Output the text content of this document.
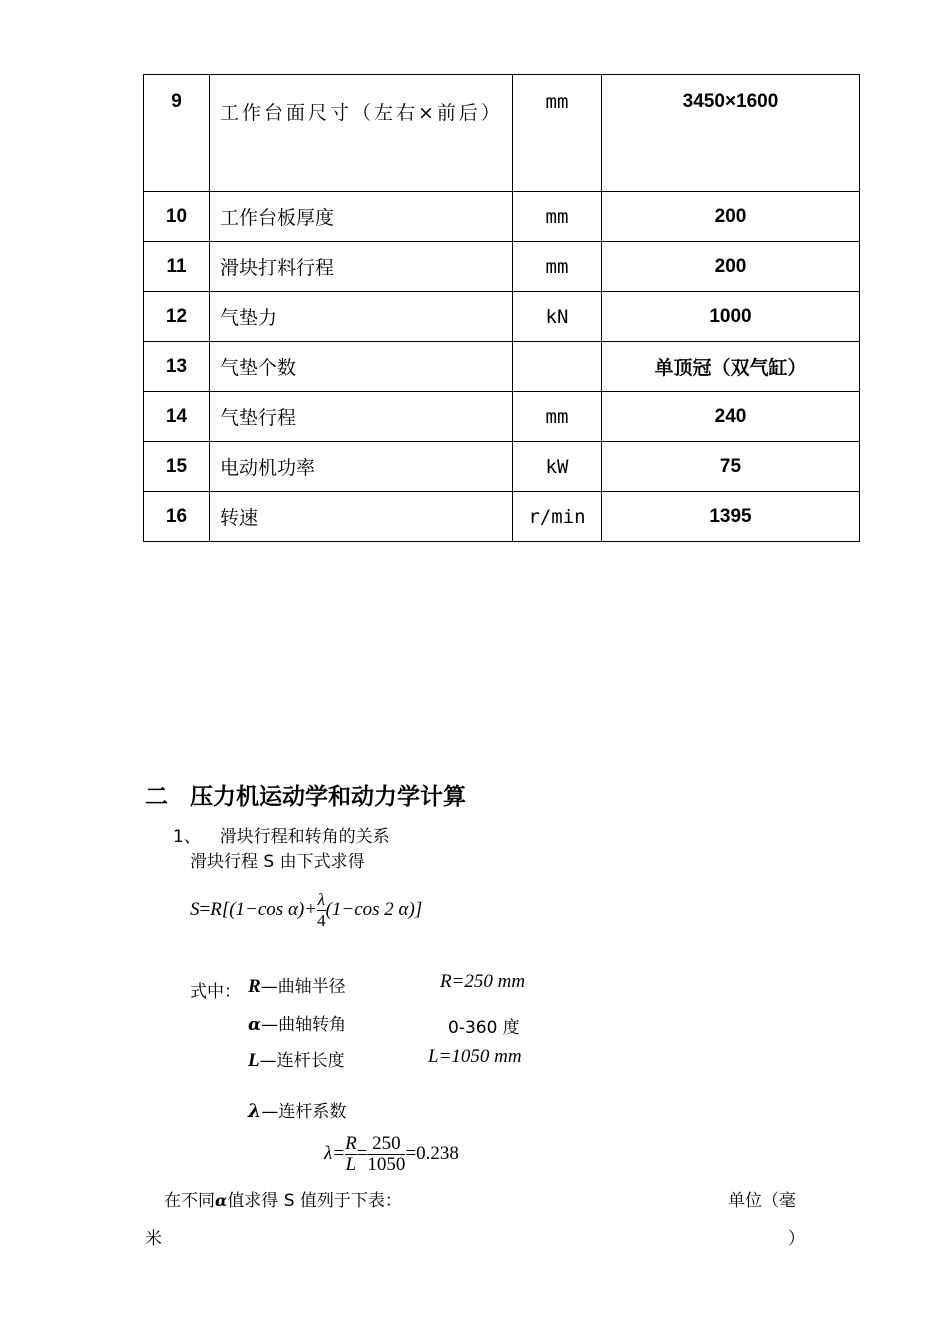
9	工作台面尺寸（左右×前后）	mm	3450×1600
10	工作台板厚度	mm	200
11	滑块打料行程	mm	200
12	气垫力	kN	1000
13	气垫个数		单顶冠（双气缸）
14	气垫行程	mm	240
15	电动机功率	kW	75
16	转速	r/min	1395
二 压力机运动学和动力学计算
1、 滑块行程和转角的关系
滑块行程 S 由下式求得
S=R[(1−cos $\alpha)+ \frac{\lambda}{4} (1-\cos$ 2 α)]
式中： R—曲轴半径	R=250 mm
α—曲轴转角	0-360 度
L—连杆长度	L=1050 mm
λ—连杆系数
$\lambda= \frac{R}{L} = \frac{250}{1050} =0.238$
在不同α值求得 S 值列于下表：	单位（毫
米	）
